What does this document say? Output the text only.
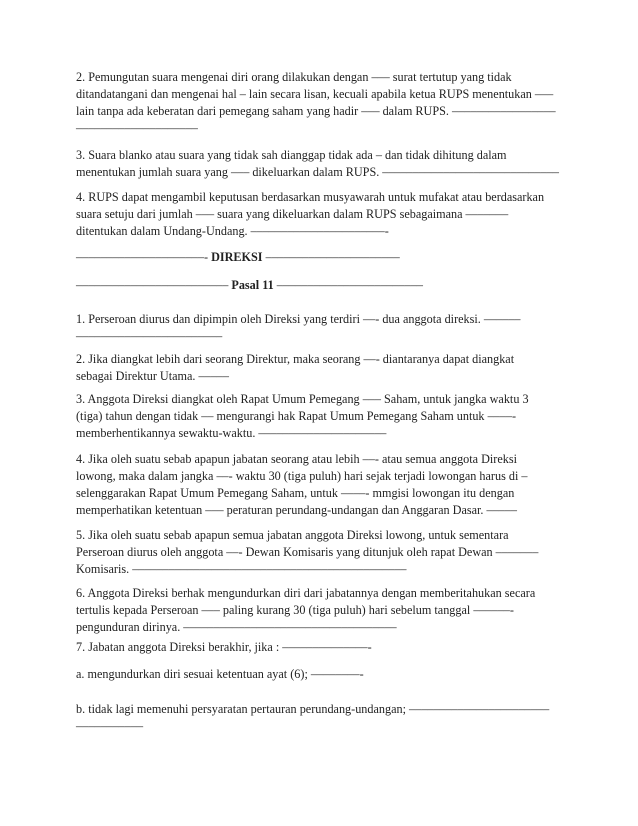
2. Pemungutan suara mengenai diri orang dilakukan dengan ––– surat tertutup yang tidak
ditandatangani dan mengenai hal – lain secara lisan, kecuali apabila ketua RUPS menentukan –––
lain tanpa ada keberatan dari pemegang saham yang hadir ––– dalam RUPS. –––––––––––––––––
––––––––––––––––––––
3. Suara blanko atau suara yang tidak sah dianggap tidak ada – dan tidak dihitung dalam
menentukan jumlah suara yang ––– dikeluarkan dalam RUPS. –––––––––––––––––––––––––––––
4. RUPS dapat mengambil keputusan berdasarkan musyawarah untuk mufakat atau berdasarkan
suara setuju dari jumlah ––– suara yang dikeluarkan dalam RUPS sebagaimana –––––––
ditentukan dalam Undang-Undang. ––––––––––––––––––––––-
–––––––––––––––––––––- DIREKSI ––––––––––––––––––––––
––––––––––––––––––––––––– Pasal 11 ––––––––––––––––––––––––
1. Perseroan diurus dan dipimpin oleh Direksi yang terdiri ––- dua anggota direksi. ––––––
––––––––––––––––––––––––
2. Jika diangkat lebih dari seorang Direktur, maka seorang ––- diantaranya dapat diangkat
sebagai Direktur Utama. –––––
3. Anggota Direksi diangkat oleh Rapat Umum Pemegang ––– Saham, untuk jangka waktu 3
(tiga) tahun dengan tidak –– mengurangi hak Rapat Umum Pemegang Saham untuk ––––-
memberhentikannya sewaktu-waktu. –––––––––––––––––––––
4. Jika oleh suatu sebab apapun jabatan seorang atau lebih ––- atau semua anggota Direksi
lowong, maka dalam jangka ––- waktu 30 (tiga puluh) hari sejak terjadi lowongan harus di –
selenggarakan Rapat Umum Pemegang Saham, untuk ––––- mmgisi lowongan itu dengan
memperhatikan ketentuan ––– peraturan perundang-undangan dan Anggaran Dasar. –––––
5. Jika oleh suatu sebab apapun semua jabatan anggota Direksi lowong, untuk sementara
Perseroan diurus oleh anggota ––- Dewan Komisaris yang ditunjuk oleh rapat Dewan –––––––
Komisaris. –––––––––––––––––––––––––––––––––––––––––––––
6. Anggota Direksi berhak mengundurkan diri dari jabatannya dengan memberitahukan secara
tertulis kepada Perseroan ––– paling kurang 30 (tiga puluh) hari sebelum tanggal ––––––-
pengunduran dirinya. –––––––––––––––––––––––––––––––––––
7. Jabatan anggota Direksi berakhir, jika : ––––––––––––––-
a. mengundurkan diri sesuai ketentuan ayat (6); ––––––––-
b. tidak lagi memenuhi persyaratan pertauran perundang-undangan; –––––––––––––––––––––––
–––––––––––
